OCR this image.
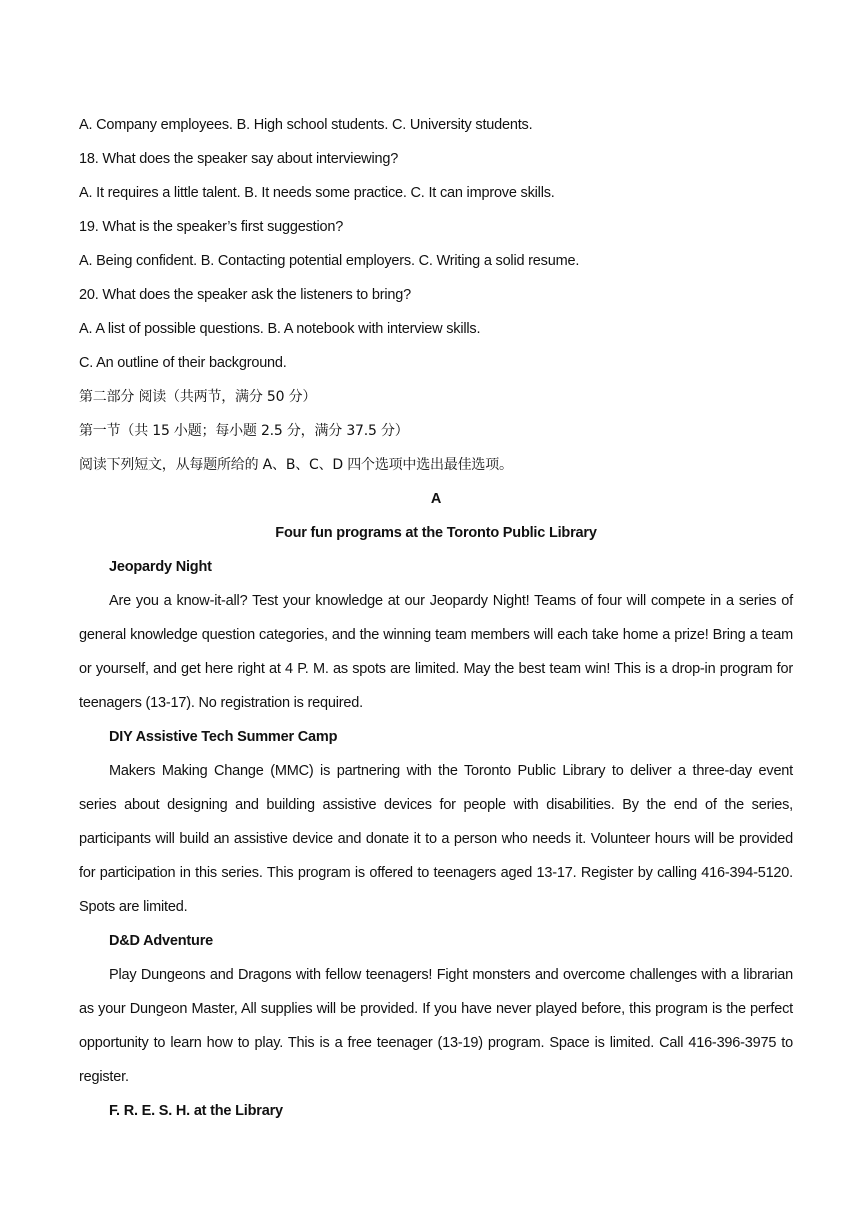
A. Company employees. B. High school students. C. University students.
18. What does the speaker say about interviewing?
A. It requires a little talent. B. It needs some practice. C. It can improve skills.
19. What is the speaker’s first suggestion?
A. Being confident. B. Contacting potential employers. C. Writing a solid resume.
20. What does the speaker ask the listeners to bring?
A. A list of possible questions. B. A notebook with interview skills.
C. An outline of their background.
第二部分 阅读（共两节，满分 50 分）
第一节（共 15 小题；每小题 2.5 分，满分 37.5 分）
阅读下列短文，从每题所给的 A、B、C、D 四个选项中选出最佳选项。
A
Four fun programs at the Toronto Public Library
Jeopardy Night

Are you a know-it-all? Test your knowledge at our Jeopardy Night! Teams of four will compete in a series of general knowledge question categories, and the winning team members will each take home a prize! Bring a team or yourself, and get here right at 4 P. M. as spots are limited. May the best team win! This is a drop-in program for teenagers (13-17). No registration is required.

DIY Assistive Tech Summer Camp

Makers Making Change (MMC) is partnering with the Toronto Public Library to deliver a three-day event series about designing and building assistive devices for people with disabilities. By the end of the series, participants will build an assistive device and donate it to a person who needs it. Volunteer hours will be provided for participation in this series. This program is offered to teenagers aged 13-17. Register by calling 416-394-5120. Spots are limited.

D&D Adventure

Play Dungeons and Dragons with fellow teenagers! Fight monsters and overcome challenges with a librarian as your Dungeon Master, All supplies will be provided. If you have never played before, this program is the perfect opportunity to learn how to play. This is a free teenager (13-19) program. Space is limited. Call 416-396-3975 to register.

F. R. E. S. H. at the Library
